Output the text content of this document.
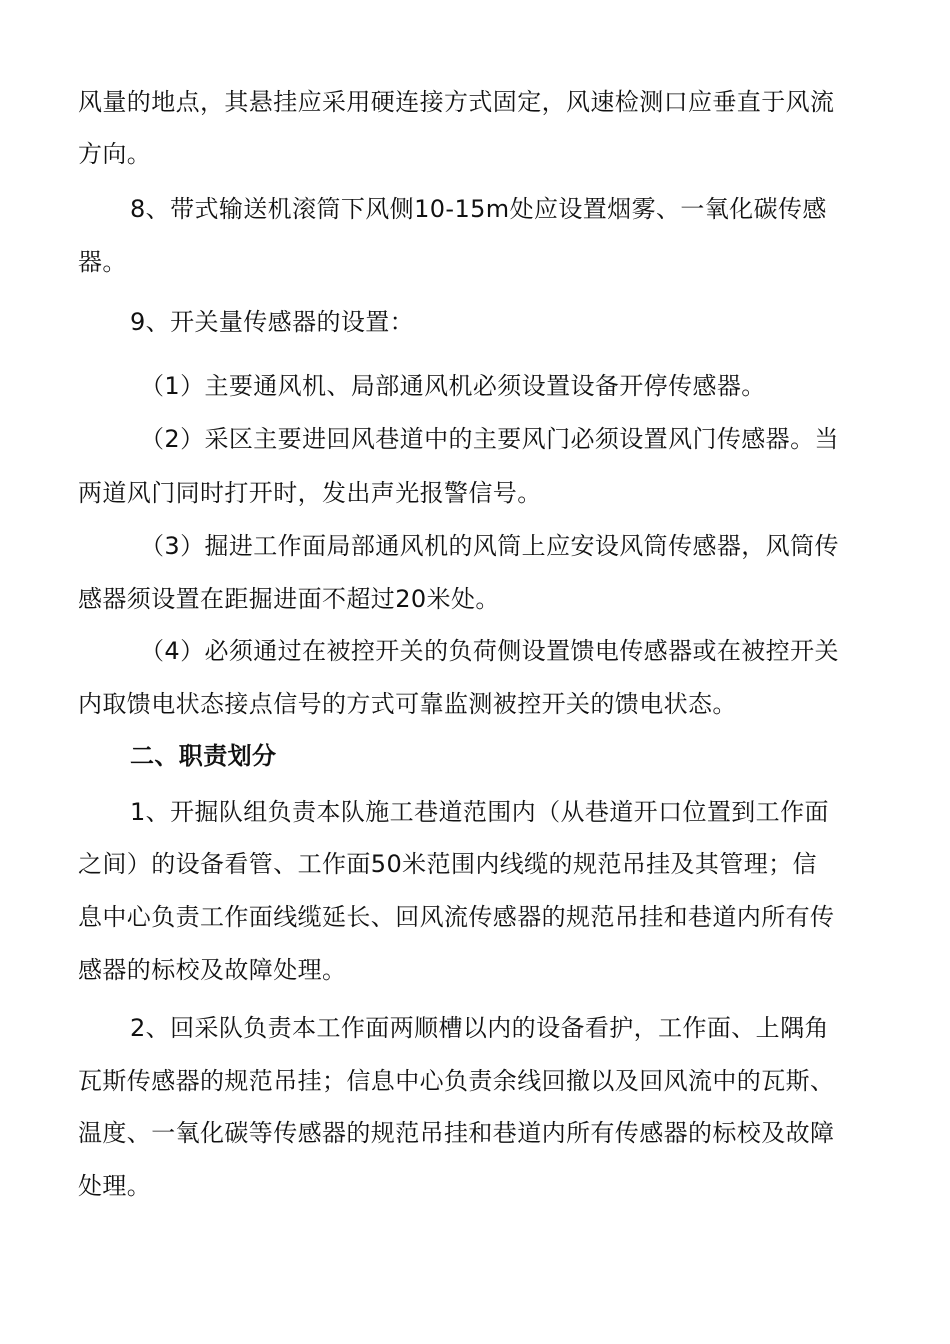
风量的地点，其悬挂应采用硬连接方式固定，风速检测口应垂直于风流
方向。
8、带式输送机滚筒下风侧10-15m处应设置烟雾、一氧化碳传感
器。
9、开关量传感器的设置：
（1）主要通风机、局部通风机必须设置设备开停传感器。
（2）采区主要进回风巷道中的主要风门必须设置风门传感器。当
两道风门同时打开时，发出声光报警信号。
（3）掘进工作面局部通风机的风筒上应安设风筒传感器，风筒传
感器须设置在距掘进面不超过20米处。
（4）必须通过在被控开关的负荷侧设置馈电传感器或在被控开关
内取馈电状态接点信号的方式可靠监测被控开关的馈电状态。
二、职责划分
1、开掘队组负责本队施工巷道范围内（从巷道开口位置到工作面
之间）的设备看管、工作面50米范围内线缆的规范吊挂及其管理；信
息中心负责工作面线缆延长、回风流传感器的规范吊挂和巷道内所有传
感器的标校及故障处理。
2、回采队负责本工作面两顺槽以内的设备看护，工作面、上隅角
瓦斯传感器的规范吊挂；信息中心负责余线回撤以及回风流中的瓦斯、
温度、一氧化碳等传感器的规范吊挂和巷道内所有传感器的标校及故障
处理。
